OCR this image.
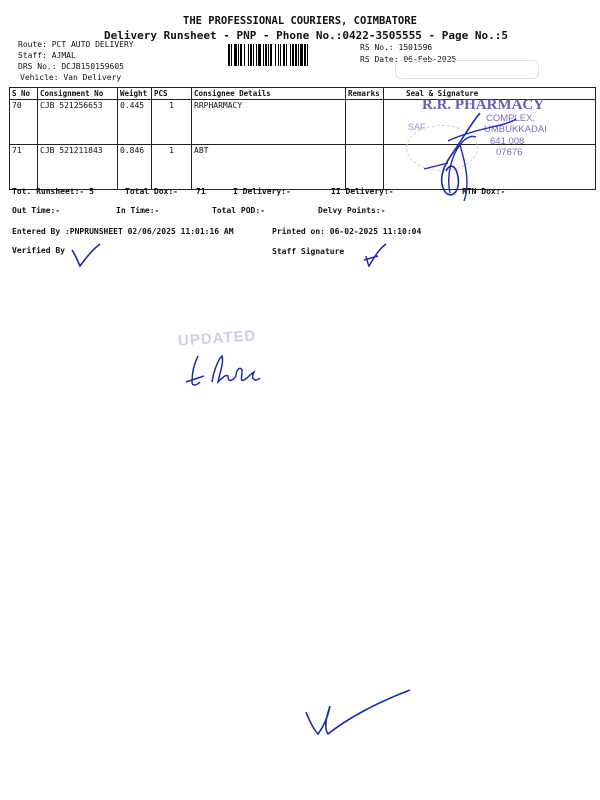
THE PROFESSIONAL COURIERS, COIMBATORE
Delivery Runsheet - PNP - Phone No.:0422-3505555 - Page No.:5
Route: PCT AUTO DELIVERY
Staff: AJMAL
DRS No.: DCJB150159605
Vehicle: Van Delivery
RS No.: 1501596
RS Date: 06-Feb-2025
S No	Consignment No	Weight	PCS	Consignee Details	Remarks	Seal & Signature
70	CJB 521256653	0.445	1	RRPHARMACY		
71	CJB 521211843	0.846	1	ABT		
R.R. PHARMACY
SAF
COMPLEX,
UMBUKKADAI
641 008
07676
Tot. Runsheet:- 5	Total Dox:- 71	I Delivery:-	II Delivery:-	RTN Dox:-
Out Time:-	In Time:-	Total POD:-	Delvy Points:-
Entered By :PNPRUNSHEET 02/06/2025 11:01:16 AM	Printed on: 06-02-2025 11:10:04
Verified By	Staff Signature
UPDATED
